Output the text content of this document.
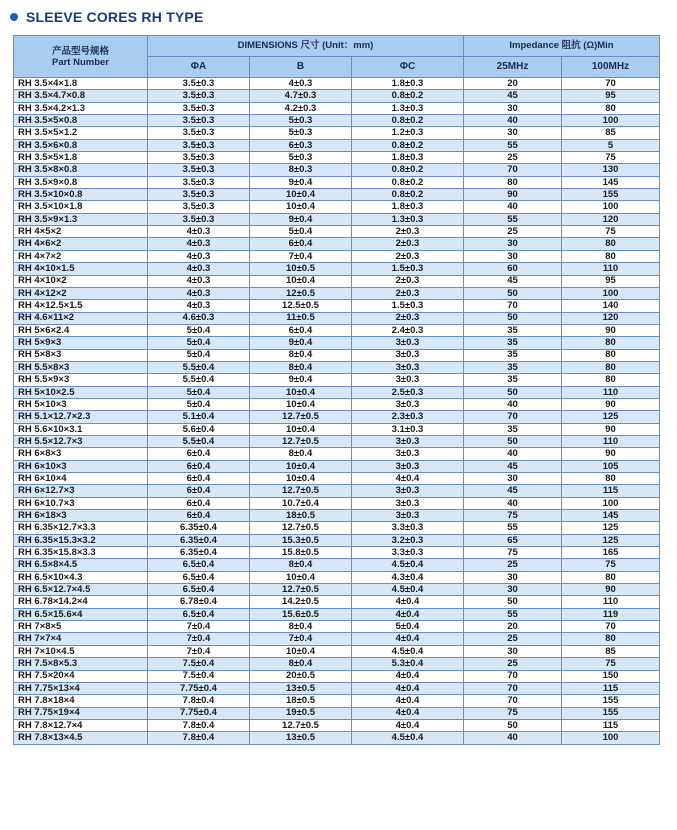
SLEEVE CORES RH TYPE
产品型号规格
Part Number	DIMENSIONS 尺寸 (Unit：mm)			Impedance 阻抗 (Ω)Min	
	ΦA	B	ΦC	25MHz	100MHz
RH 3.5×4×1.8	3.5±0.3	4±0.3	1.8±0.3	20	70
RH 3.5×4.7×0.8	3.5±0.3	4.7±0.3	0.8±0.2	45	95
RH 3.5×4.2×1.3	3.5±0.3	4.2±0.3	1.3±0.3	30	80
RH 3.5×5×0.8	3.5±0.3	5±0.3	0.8±0.2	40	100
RH 3.5×5×1.2	3.5±0.3	5±0.3	1.2±0.3	30	85
RH 3.5×6×0.8	3.5±0.3	6±0.3	0.8±0.2	55	5
RH 3.5×5×1.8	3.5±0.3	5±0.3	1.8±0.3	25	75
RH 3.5×8×0.8	3.5±0.3	8±0.3	0.8±0.2	70	130
RH 3.5×9×0.8	3.5±0.3	9±0.4	0.8±0.2	80	145
RH 3.5×10×0.8	3.5±0.3	10±0.4	0.8±0.2	90	155
RH 3.5×10×1.8	3.5±0.3	10±0.4	1.8±0.3	40	100
RH 3.5×9×1.3	3.5±0.3	9±0.4	1.3±0.3	55	120
RH 4×5×2	4±0.3	5±0.4	2±0.3	25	75
RH 4×6×2	4±0.3	6±0.4	2±0.3	30	80
RH 4×7×2	4±0.3	7±0.4	2±0.3	30	80
RH 4×10×1.5	4±0.3	10±0.5	1.5±0.3	60	110
RH 4×10×2	4±0.3	10±0.4	2±0.3	45	95
RH 4×12×2	4±0.3	12±0.5	2±0.3	50	100
RH 4×12.5×1.5	4±0.3	12.5±0.5	1.5±0.3	70	140
RH 4.6×11×2	4.6±0.3	11±0.5	2±0.3	50	120
RH 5×6×2.4	5±0.4	6±0.4	2.4±0.3	35	90
RH 5×9×3	5±0.4	9±0.4	3±0.3	35	80
RH 5×8×3	5±0.4	8±0.4	3±0.3	35	80
RH 5.5×8×3	5.5±0.4	8±0.4	3±0.3	35	80
RH 5.5×9×3	5.5±0.4	9±0.4	3±0.3	35	80
RH 5×10×2.5	5±0.4	10±0.4	2.5±0.3	50	110
RH 5×10×3	5±0.4	10±0.4	3±0.3	40	90
RH 5.1×12.7×2.3	5.1±0.4	12.7±0.5	2.3±0.3	70	125
RH 5.6×10×3.1	5.6±0.4	10±0.4	3.1±0.3	35	90
RH 5.5×12.7×3	5.5±0.4	12.7±0.5	3±0.3	50	110
RH 6×8×3	6±0.4	8±0.4	3±0.3	40	90
RH 6×10×3	6±0.4	10±0.4	3±0.3	45	105
RH 6×10×4	6±0.4	10±0.4	4±0.4	30	80
RH 6×12.7×3	6±0.4	12.7±0.5	3±0.3	45	115
RH 6×10.7×3	6±0.4	10.7±0.4	3±0.3	40	100
RH 6×18×3	6±0.4	18±0.5	3±0.3	75	145
RH 6.35×12.7×3.3	6.35±0.4	12.7±0.5	3.3±0.3	55	125
RH 6.35×15.3×3.2	6.35±0.4	15.3±0.5	3.2±0.3	65	125
RH 6.35×15.8×3.3	6.35±0.4	15.8±0.5	3.3±0.3	75	165
RH 6.5×8×4.5	6.5±0.4	8±0.4	4.5±0.4	25	75
RH 6.5×10×4.3	6.5±0.4	10±0.4	4.3±0.4	30	80
RH 6.5×12.7×4.5	6.5±0.4	12.7±0.5	4.5±0.4	30	90
RH 6.78×14.2×4	6.78±0.4	14.2±0.5	4±0.4	50	110
RH 6.5×15.6×4	6.5±0.4	15.6±0.5	4±0.4	55	119
RH 7×8×5	7±0.4	8±0.4	5±0.4	20	70
RH 7×7×4	7±0.4	7±0.4	4±0.4	25	80
RH 7×10×4.5	7±0.4	10±0.4	4.5±0.4	30	85
RH 7.5×8×5.3	7.5±0.4	8±0.4	5.3±0.4	25	75
RH 7.5×20×4	7.5±0.4	20±0.5	4±0.4	70	150
RH 7.75×13×4	7.75±0.4	13±0.5	4±0.4	70	115
RH 7.8×18×4	7.8±0.4	18±0.5	4±0.4	70	155
RH 7.75×19×4	7.75±0.4	19±0.5	4±0.4	75	155
RH 7.8×12.7×4	7.8±0.4	12.7±0.5	4±0.4	50	115
RH 7.8×13×4.5	7.8±0.4	13±0.5	4.5±0.4	40	100
